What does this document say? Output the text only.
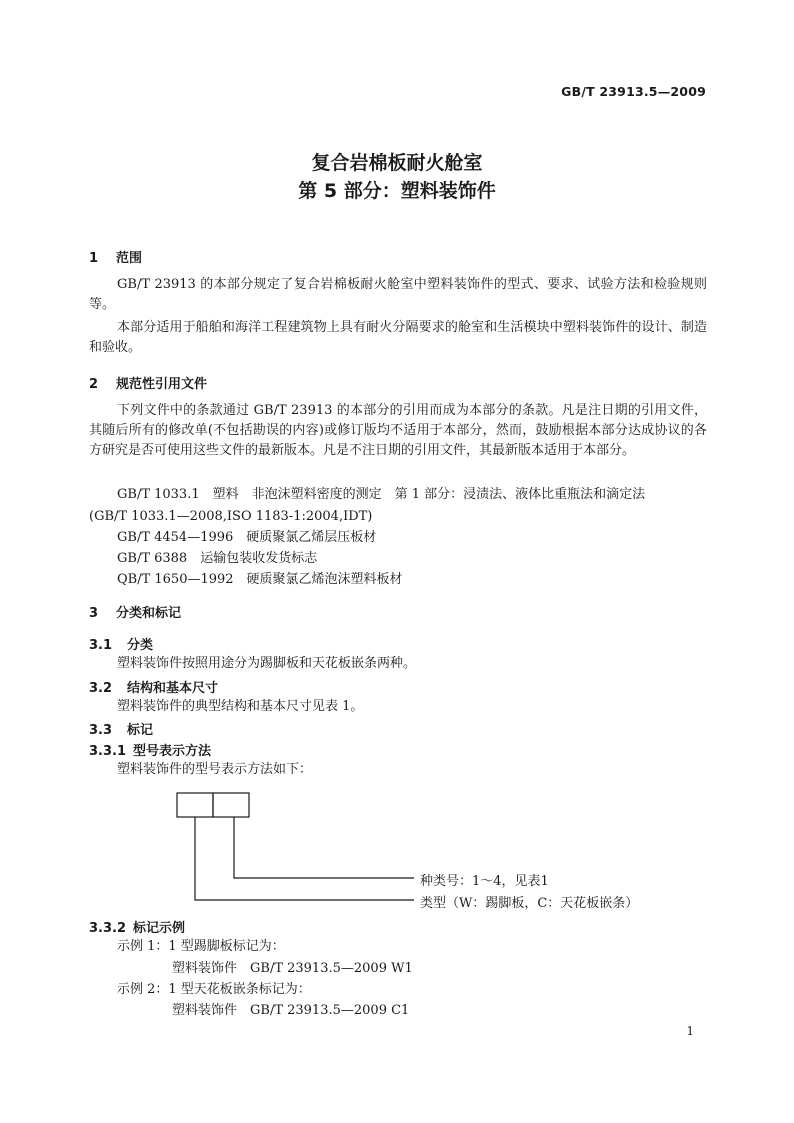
GB/T 23913.5—2009
复合岩棉板耐火舱室
第 5 部分：塑料装饰件
1 范围
GB/T 23913 的本部分规定了复合岩棉板耐火舱室中塑料装饰件的型式、要求、试验方法和检验规则等。
本部分适用于船舶和海洋工程建筑物上具有耐火分隔要求的舱室和生活模块中塑料装饰件的设计、制造和验收。
2 规范性引用文件
下列文件中的条款通过 GB/T 23913 的本部分的引用而成为本部分的条款。凡是注日期的引用文件，其随后所有的修改单(不包括勘误的内容)或修订版均不适用于本部分，然而，鼓励根据本部分达成协议的各方研究是否可使用这些文件的最新版本。凡是不注日期的引用文件，其最新版本适用于本部分。
GB/T 1033.1　塑料　非泡沫塑料密度的测定　第 1 部分：浸渍法、液体比重瓶法和滴定法
(GB/T 1033.1—2008,ISO 1183-1:2004,IDT)
GB/T 4454—1996　硬质聚氯乙烯层压板材
GB/T 6388　运输包装收发货标志
QB/T 1650—1992　硬质聚氯乙烯泡沫塑料板材
3 分类和标记
3.1 分类
塑料装饰件按照用途分为踢脚板和天花板嵌条两种。
3.2 结构和基本尺寸
塑料装饰件的典型结构和基本尺寸见表 1。
3.3 标记
3.3.1 型号表示方法
塑料装饰件的型号表示方法如下：
种类号：1～4，见表1
类型（W：踢脚板，C：天花板嵌条）
3.3.2 标记示例
示例 1：1 型踢脚板标记为：
塑料装饰件　GB/T 23913.5—2009 W1
示例 2：1 型天花板嵌条标记为：
塑料装饰件　GB/T 23913.5—2009 C1
1
